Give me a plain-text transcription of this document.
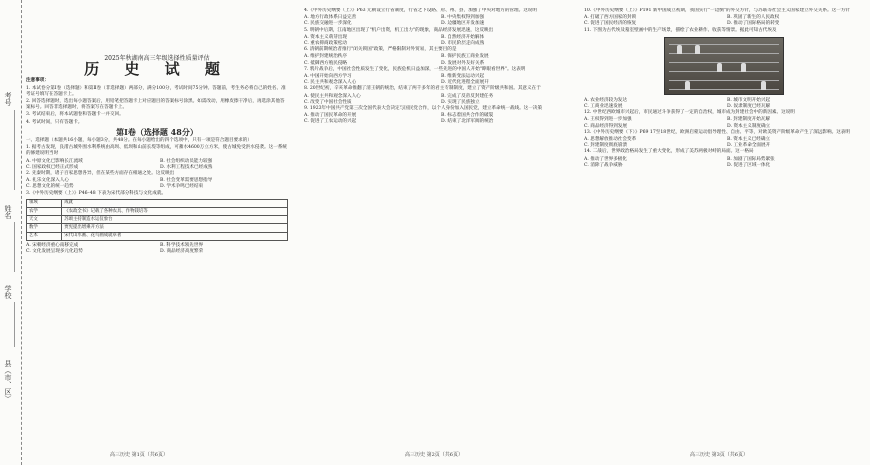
考号
姓名
学校
县（市、区）
2025年秋湖南高三年级选择性质量评估
历 史 试 题

注意事项：

1. 本试卷分第Ⅰ卷（选择题）和第Ⅱ卷（非选择题）两部分，满分100分，考试时间75分钟。答题前，考生务必将自己的姓名、准考证号填写在答题卡上。

2. 回答选择题时，选出每小题答案后，用铅笔把答题卡上对应题目的答案标号涂黑。如需改动，用橡皮擦干净后，再选涂其他答案标号。回答非选择题时，将答案写在答题卡上。

3. 考试结束后，将本试题卷和答题卡一并交回。

4. 考试时间，只有答题卡。

第Ⅰ卷（选择题 48分）

一、选择题（本题共16小题，每小题3分，共48分。在每小题给出的四个选项中，只有一项是符合题目要求的）

1. 据考古发现，良渚古城外围水利系统由高坝、低坝和山前长堤等组成，可蓄水4600万立方米，使古城免受洪水侵袭。这一系统的修建说明当时

A. 中原文化已影响长江流域	B. 社会组织动员能力较强
C. 国家政权已经正式形成	D. 水利工程技术已经成熟

2. 先秦时期，诸子百家思想各异，但在某些方面存在相通之处。这反映出

A. 礼乐文化深入人心	B. 社会变革需要思想指导
C. 思想文化的统一趋势	D. 学术争鸣已经结束

3.《中外历史纲要（上）》P46–48 下表为宋代部分科技与文化成就。

领域	成就
农学	《农政全书》记载了各种农具、作物栽培等
天文	苏颂主持制造水运仪象台
数学	贾宪提出增乘开方法
艺术	宋代山水画、花鸟画成就卓著
A. 宋朝经济重心南移完成	B. 科学技术领先世界
C. 文化发展呈现多元化趋势	D. 商品经济高度繁荣
高三历史 第1页（共6页）

4.《中外历史纲要（上）》P63 元朝设立行省制度，行省之下设路、府、州、县，加强了中央对地方的管理。这说明

A. 地方行政体系日益完善	B. 中央集权得到加强
C. 民族交融进一步深化	D. 边疆地区开发加速

5. 明朝中后期，江南地区出现了"机户出资，机工出力"的现象，商品经济发展迅速，这反映出

A. 资本主义萌芽出现	B. 自然经济开始解体
C. 重农抑商政策松动	D. 市民阶层走向成熟

6. 清朝前期统治者推行"闭关锁国"政策，严格限制对外贸易，其主要目的是

A. 维护封建统治秩序	B. 保护民族工商业发展
C. 抵御西方殖民侵略	D. 发展对外友好关系

7. 鸦片战争后，中国社会性质发生了变化，民族危机日益加深，一些先进的中国人开始"睁眼看世界"。这表明

A. 中国开始向西方学习	B. 维新变法运动兴起
C. 民主共和观念深入人心	D. 近代化进程全面展开

8. 20世纪初，辛亥革命推翻了清王朝的统治，结束了两千多年的君主专制制度，建立了资产阶级共和国。其意义在于

A. 使民主共和观念深入人心	B. 完成了反帝反封建任务
C. 改变了中国社会性质	D. 实现了民族独立

9. 1923年中国共产党第三次全国代表大会决定与国民党合作，以个人身份加入国民党，建立革命统一战线。这一决策

A. 推动了国民革命的开展	B. 标志着国共合作的破裂
C. 促进了工农运动的兴起	D. 结束了北洋军阀的统治
高三历史 第2页（共6页）

10.《中外历史纲要（上）》P191 新中国成立初期，我国实行"一边倒"的外交方针，与苏联等社会主义国家建立外交关系。这一方针

A. 打破了西方国家的封锁	B. 巩固了新生的人民政权
C. 促进了国民经济的恢复	D. 推动了国际格局的转变

11. 下图为古代埃及墓室壁画中的生产场景，描绘了农业耕作、收获等情景。据此可知古代埃及

A. 农业经济较为发达	B. 城市文明开始兴起
C. 工商业迅速发展	D. 奴隶制度已经瓦解

12. 中世纪西欧城市兴起后，市民通过斗争获得了一定的自治权，城市成为封建社会中的新因素。这说明

A. 王权得到进一步加强	B. 封建制度开始瓦解
C. 商品经济得到发展	D. 资本主义制度确立

13.《中外历史纲要（下）》P69 17至18世纪，欧洲启蒙运动倡导理性、自由、平等，对欧美资产阶级革命产生了深远影响。这表明

A. 思想解放推动社会变革	B. 资本主义已经确立
C. 封建制度彻底崩溃	D. 工业革命全面展开

14. 二战后，世界政治格局发生了重大变化，形成了美苏两极对峙的局面。这一格局

A. 推动了世界多极化	B. 加剧了国际局势紧张
C. 消除了战争威胁	D. 促进了区域一体化
高三历史 第3页（共6页）
